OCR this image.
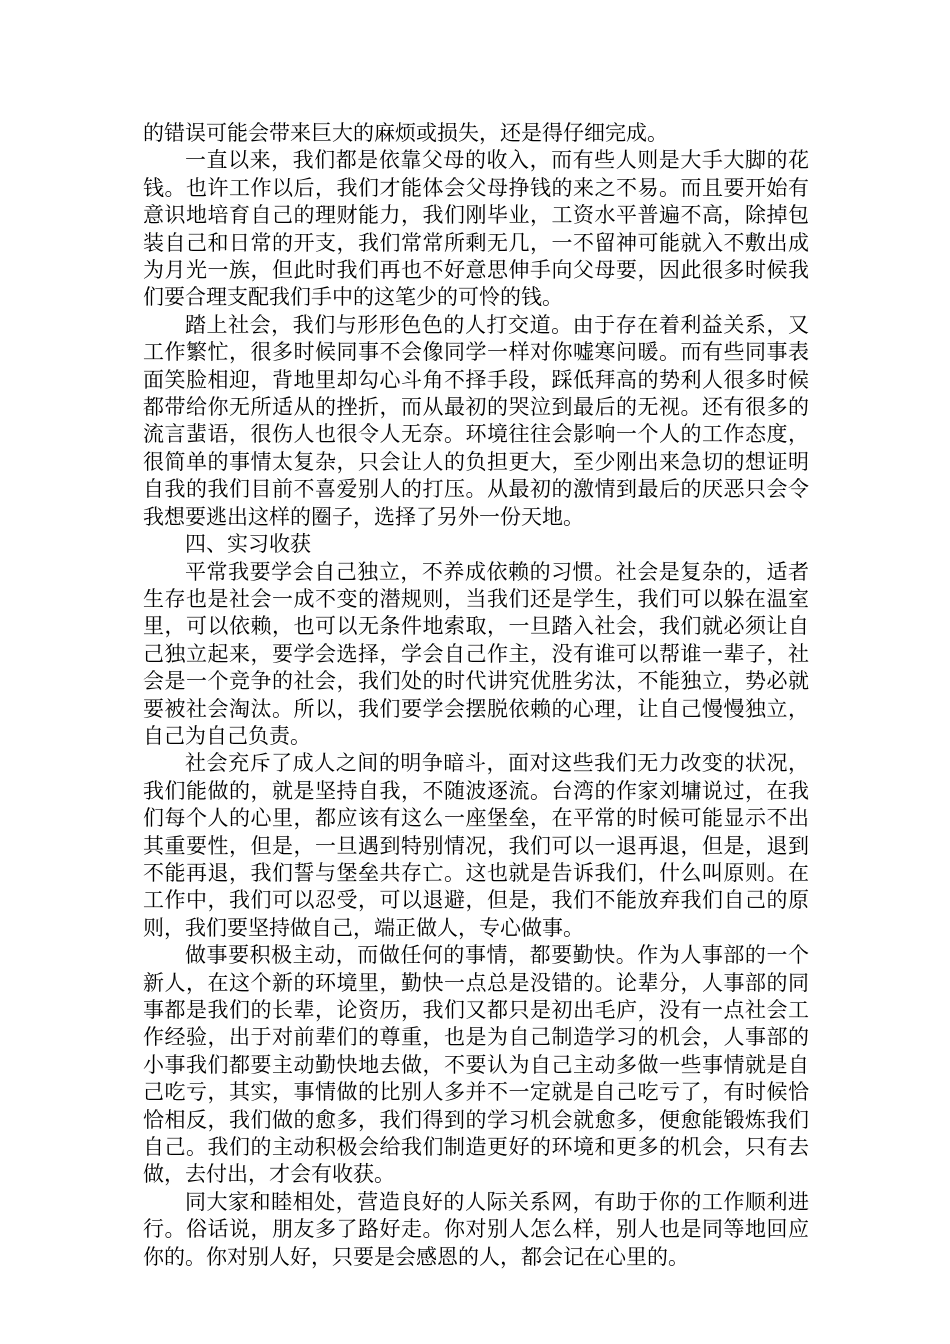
的错误可能会带来巨大的麻烦或损失，还是得仔细完成。

一直以来，我们都是依靠父母的收入，而有些人则是大手大脚的花钱。也许工作以后，我们才能体会父母挣钱的来之不易。而且要开始有意识地培育自己的理财能力，我们刚毕业，工资水平普遍不高，除掉包装自己和日常的开支，我们常常所剩无几，一不留神可能就入不敷出成为月光一族，但此时我们再也不好意思伸手向父母要，因此很多时候我们要合理支配我们手中的这笔少的可怜的钱。

踏上社会，我们与形形色色的人打交道。由于存在着利益关系，又工作繁忙，很多时候同事不会像同学一样对你嘘寒问暖。而有些同事表面笑脸相迎，背地里却勾心斗角不择手段，踩低拜高的势利人很多时候都带给你无所适从的挫折，而从最初的哭泣到最后的无视。还有很多的流言蜚语，很伤人也很令人无奈。环境往往会影响一个人的工作态度，很简单的事情太复杂，只会让人的负担更大，至少刚出来急切的想证明自我的我们目前不喜爱别人的打压。从最初的激情到最后的厌恶只会令我想要逃出这样的圈子，选择了另外一份天地。

四、实习收获

平常我要学会自己独立，不养成依赖的习惯。社会是复杂的，适者生存也是社会一成不变的潜规则，当我们还是学生，我们可以躲在温室里，可以依赖，也可以无条件地索取，一旦踏入社会，我们就必须让自己独立起来，要学会选择，学会自己作主，没有谁可以帮谁一辈子，社会是一个竞争的社会，我们处的时代讲究优胜劣汰，不能独立，势必就要被社会淘汰。所以，我们要学会摆脱依赖的心理，让自己慢慢独立，自己为自己负责。

社会充斥了成人之间的明争暗斗，面对这些我们无力改变的状况，我们能做的，就是坚持自我，不随波逐流。台湾的作家刘墉说过，在我们每个人的心里，都应该有这么一座堡垒，在平常的时候可能显示不出其重要性，但是，一旦遇到特别情况，我们可以一退再退，但是，退到不能再退，我们誓与堡垒共存亡。这也就是告诉我们，什么叫原则。在工作中，我们可以忍受，可以退避，但是，我们不能放弃我们自己的原则，我们要坚持做自己，端正做人，专心做事。

做事要积极主动，而做任何的事情，都要勤快。作为人事部的一个新人，在这个新的环境里，勤快一点总是没错的。论辈分，人事部的同事都是我们的长辈，论资历，我们又都只是初出毛庐，没有一点社会工作经验，出于对前辈们的尊重，也是为自己制造学习的机会，人事部的小事我们都要主动勤快地去做，不要认为自己主动多做一些事情就是自己吃亏，其实，事情做的比别人多并不一定就是自己吃亏了，有时候恰恰相反，我们做的愈多，我们得到的学习机会就愈多，便愈能锻炼我们自己。我们的主动积极会给我们制造更好的环境和更多的机会，只有去做，去付出，才会有收获。

同大家和睦相处，营造良好的人际关系网，有助于你的工作顺利进行。俗话说，朋友多了路好走。你对别人怎么样，别人也是同等地回应你的。你对别人好，只要是会感恩的人，都会记在心里的。
